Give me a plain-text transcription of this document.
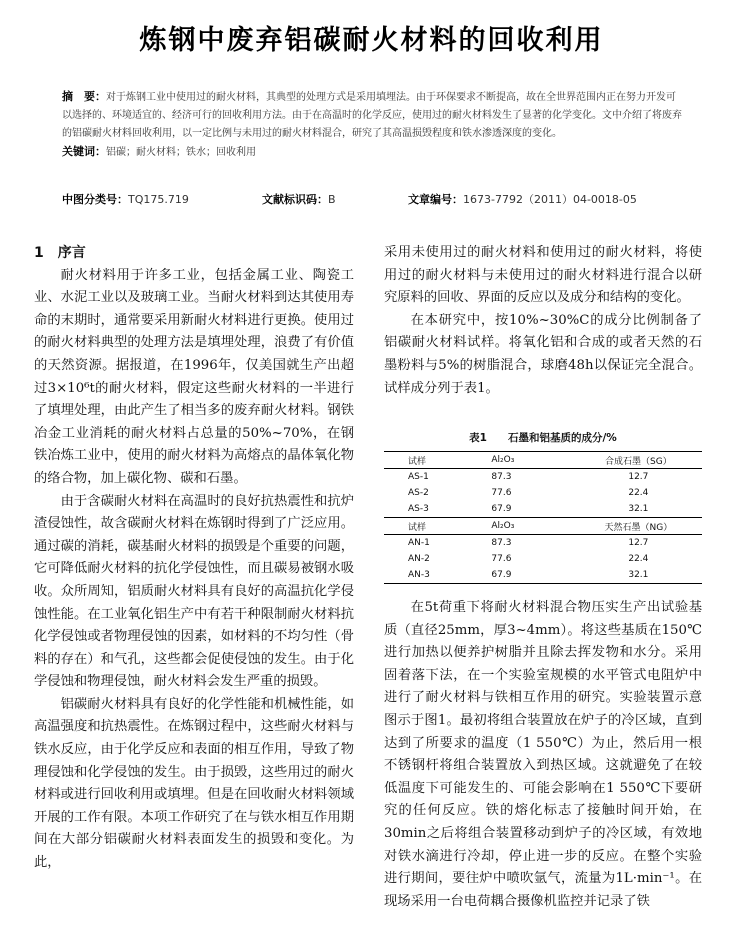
炼钢中废弃铝碳耐火材料的回收利用
摘　要：对于炼钢工业中使用过的耐火材料，其典型的处理方式是采用填埋法。由于环保要求不断提高，故在全世界范围内正在努力开发可以选择的、环境适宜的、经济可行的回收利用方法。由于在高温时的化学反应，使用过的耐火材料发生了显著的化学变化。文中介绍了将废弃的铝碳耐火材料回收利用，以一定比例与未用过的耐火材料混合，研究了其高温损毁程度和铁水渗透深度的变化。
关键词：铝碳；耐火材料；铁水；回收利用
中图分类号：TQ175.719	文献标识码：B	文章编号：1673-7792（2011）04-0018-05

1　序言

耐火材料用于许多工业，包括金属工业、陶瓷工业、水泥工业以及玻璃工业。当耐火材料到达其使用寿命的末期时，通常要采用新耐火材料进行更换。使用过的耐火材料典型的处理方法是填埋处理，浪费了有价值的天然资源。据报道，在1996年，仅美国就生产出超过3×10⁶t的耐火材料，假定这些耐火材料的一半进行了填埋处理，由此产生了相当多的废弃耐火材料。钢铁冶金工业消耗的耐火材料占总量的50%~70%，在钢铁冶炼工业中，使用的耐火材料为高熔点的晶体氧化物的络合物，加上碳化物、碳和石墨。

由于含碳耐火材料在高温时的良好抗热震性和抗炉渣侵蚀性，故含碳耐火材料在炼钢时得到了广泛应用。通过碳的消耗，碳基耐火材料的损毁是个重要的问题，它可降低耐火材料的抗化学侵蚀性，而且碳易被钢水吸收。众所周知，铝质耐火材料具有良好的高温抗化学侵蚀性能。在工业氧化铝生产中有若干种限制耐火材料抗化学侵蚀或者物理侵蚀的因素，如材料的不均匀性（骨料的存在）和气孔，这些都会促使侵蚀的发生。由于化学侵蚀和物理侵蚀，耐火材料会发生严重的损毁。

铝碳耐火材料具有良好的化学性能和机械性能，如高温强度和抗热震性。在炼钢过程中，这些耐火材料与铁水反应，由于化学反应和表面的相互作用，导致了物理侵蚀和化学侵蚀的发生。由于损毁，这些用过的耐火材料或进行回收利用或填埋。但是在回收耐火材料领域开展的工作有限。本项工作研究了在与铁水相互作用期间在大部分铝碳耐火材料表面发生的损毁和变化。为此，

采用未使用过的耐火材料和使用过的耐火材料，将使用过的耐火材料与未使用过的耐火材料进行混合以研究原料的回收、界面的反应以及成分和结构的变化。

在本研究中，按10%~30%C的成分比例制备了铝碳耐火材料试样。将氧化铝和合成的或者天然的石墨粉料与5%的树脂混合，球磨48h以保证完全混合。试样成分列于表1。

表1　　石墨和铝基质的成分/%
试样	Al₂O₃	合成石墨（SG）
AS-1	87.3	12.7
AS-2	77.6	22.4
AS-3	67.9	32.1
试样	Al₂O₃	天然石墨（NG）
AN-1	87.3	12.7
AN-2	77.6	22.4
AN-3	67.9	32.1

在5t荷重下将耐火材料混合物压实生产出试验基质（直径25mm，厚3~4mm）。将这些基质在150℃进行加热以便养护树脂并且除去挥发物和水分。采用固着落下法，在一个实验室规模的水平管式电阻炉中进行了耐火材料与铁相互作用的研究。实验装置示意图示于图1。最初将组合装置放在炉子的冷区域，直到达到了所要求的温度（1 550℃）为止，然后用一根不锈钢杆将组合装置放入到热区域。这就避免了在较低温度下可能发生的、可能会影响在1 550℃下要研究的任何反应。铁的熔化标志了接触时间开始，在30min之后将组合装置移动到炉子的冷区域，有效地对铁水滴进行冷却，停止进一步的反应。在整个实验进行期间，要往炉中喷吹氩气，流量为1L·min⁻¹。在现场采用一台电荷耦合摄像机监控并记录了铁
